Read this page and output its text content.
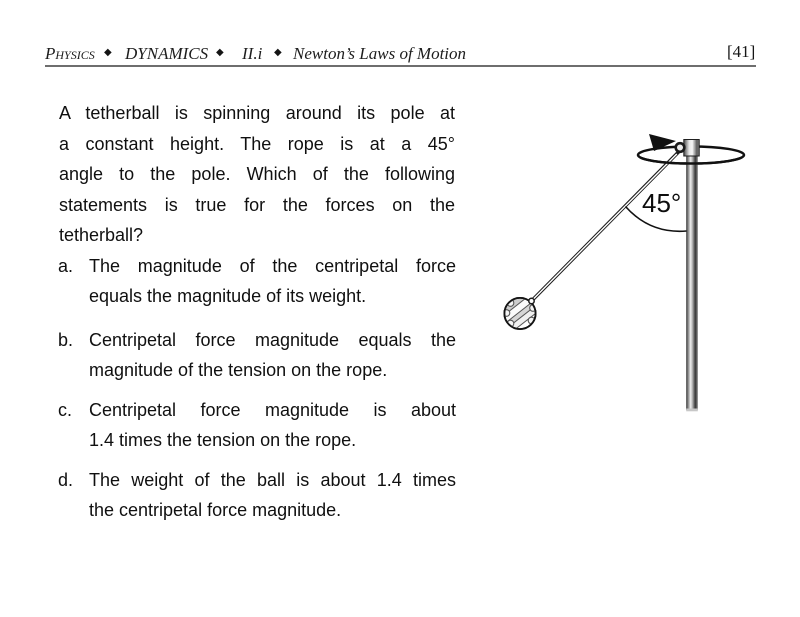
Physics ◆ DYNAMICS ◆ II.i ◆ Newton’s Laws of Motion	[41]
A tetherball is spinning around its pole at
a constant height. The rope is at a 45°
angle to the pole. Which of the following
statements is true for the forces on the
tetherball?
a. The magnitude of the centripetal force
equals the magnitude of its weight.
b. Centripetal force magnitude equals the
magnitude of the tension on the rope.
c. Centripetal force magnitude is about
1.4 times the tension on the rope.
d. The weight of the ball is about 1.4 times
the centripetal force magnitude.
45°
